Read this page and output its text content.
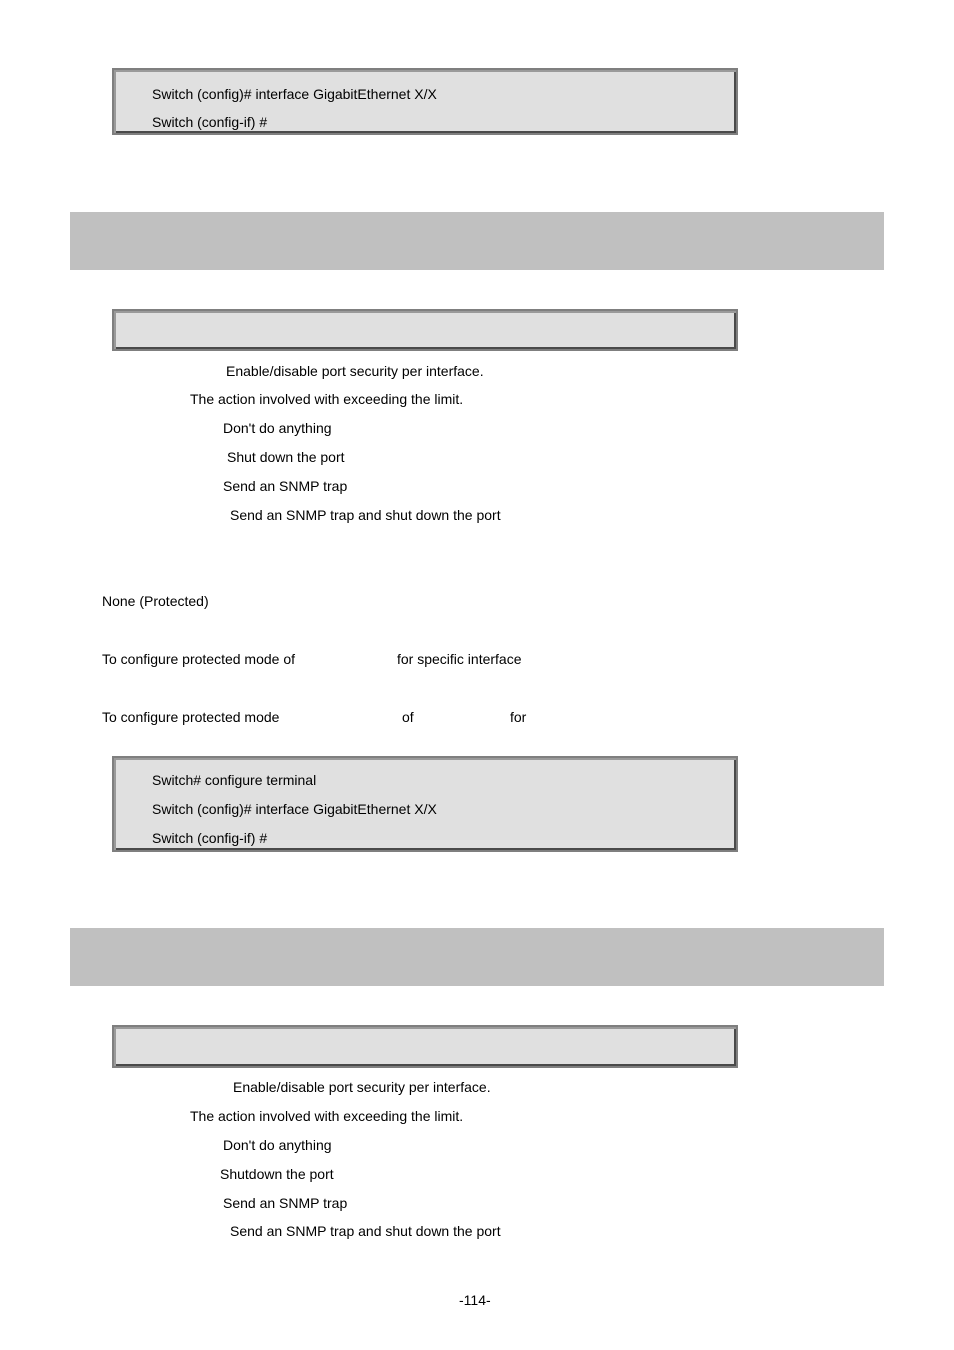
Switch (config)# interface GigabitEthernet X/X
Switch (config-if) #
Enable/disable port security per interface.
The action involved with exceeding the limit.
Don't do anything
Shut down the port
Send an SNMP trap
Send an SNMP trap and shut down the port
None (Protected)
To configure protected mode of	for specific interface
To configure protected mode	of	for
Switch# configure terminal
Switch (config)# interface GigabitEthernet X/X
Switch (config-if) #
Enable/disable port security per interface.
The action involved with exceeding the limit.
Don't do anything
Shutdown the port
Send an SNMP trap
Send an SNMP trap and shut down the port
-114-
